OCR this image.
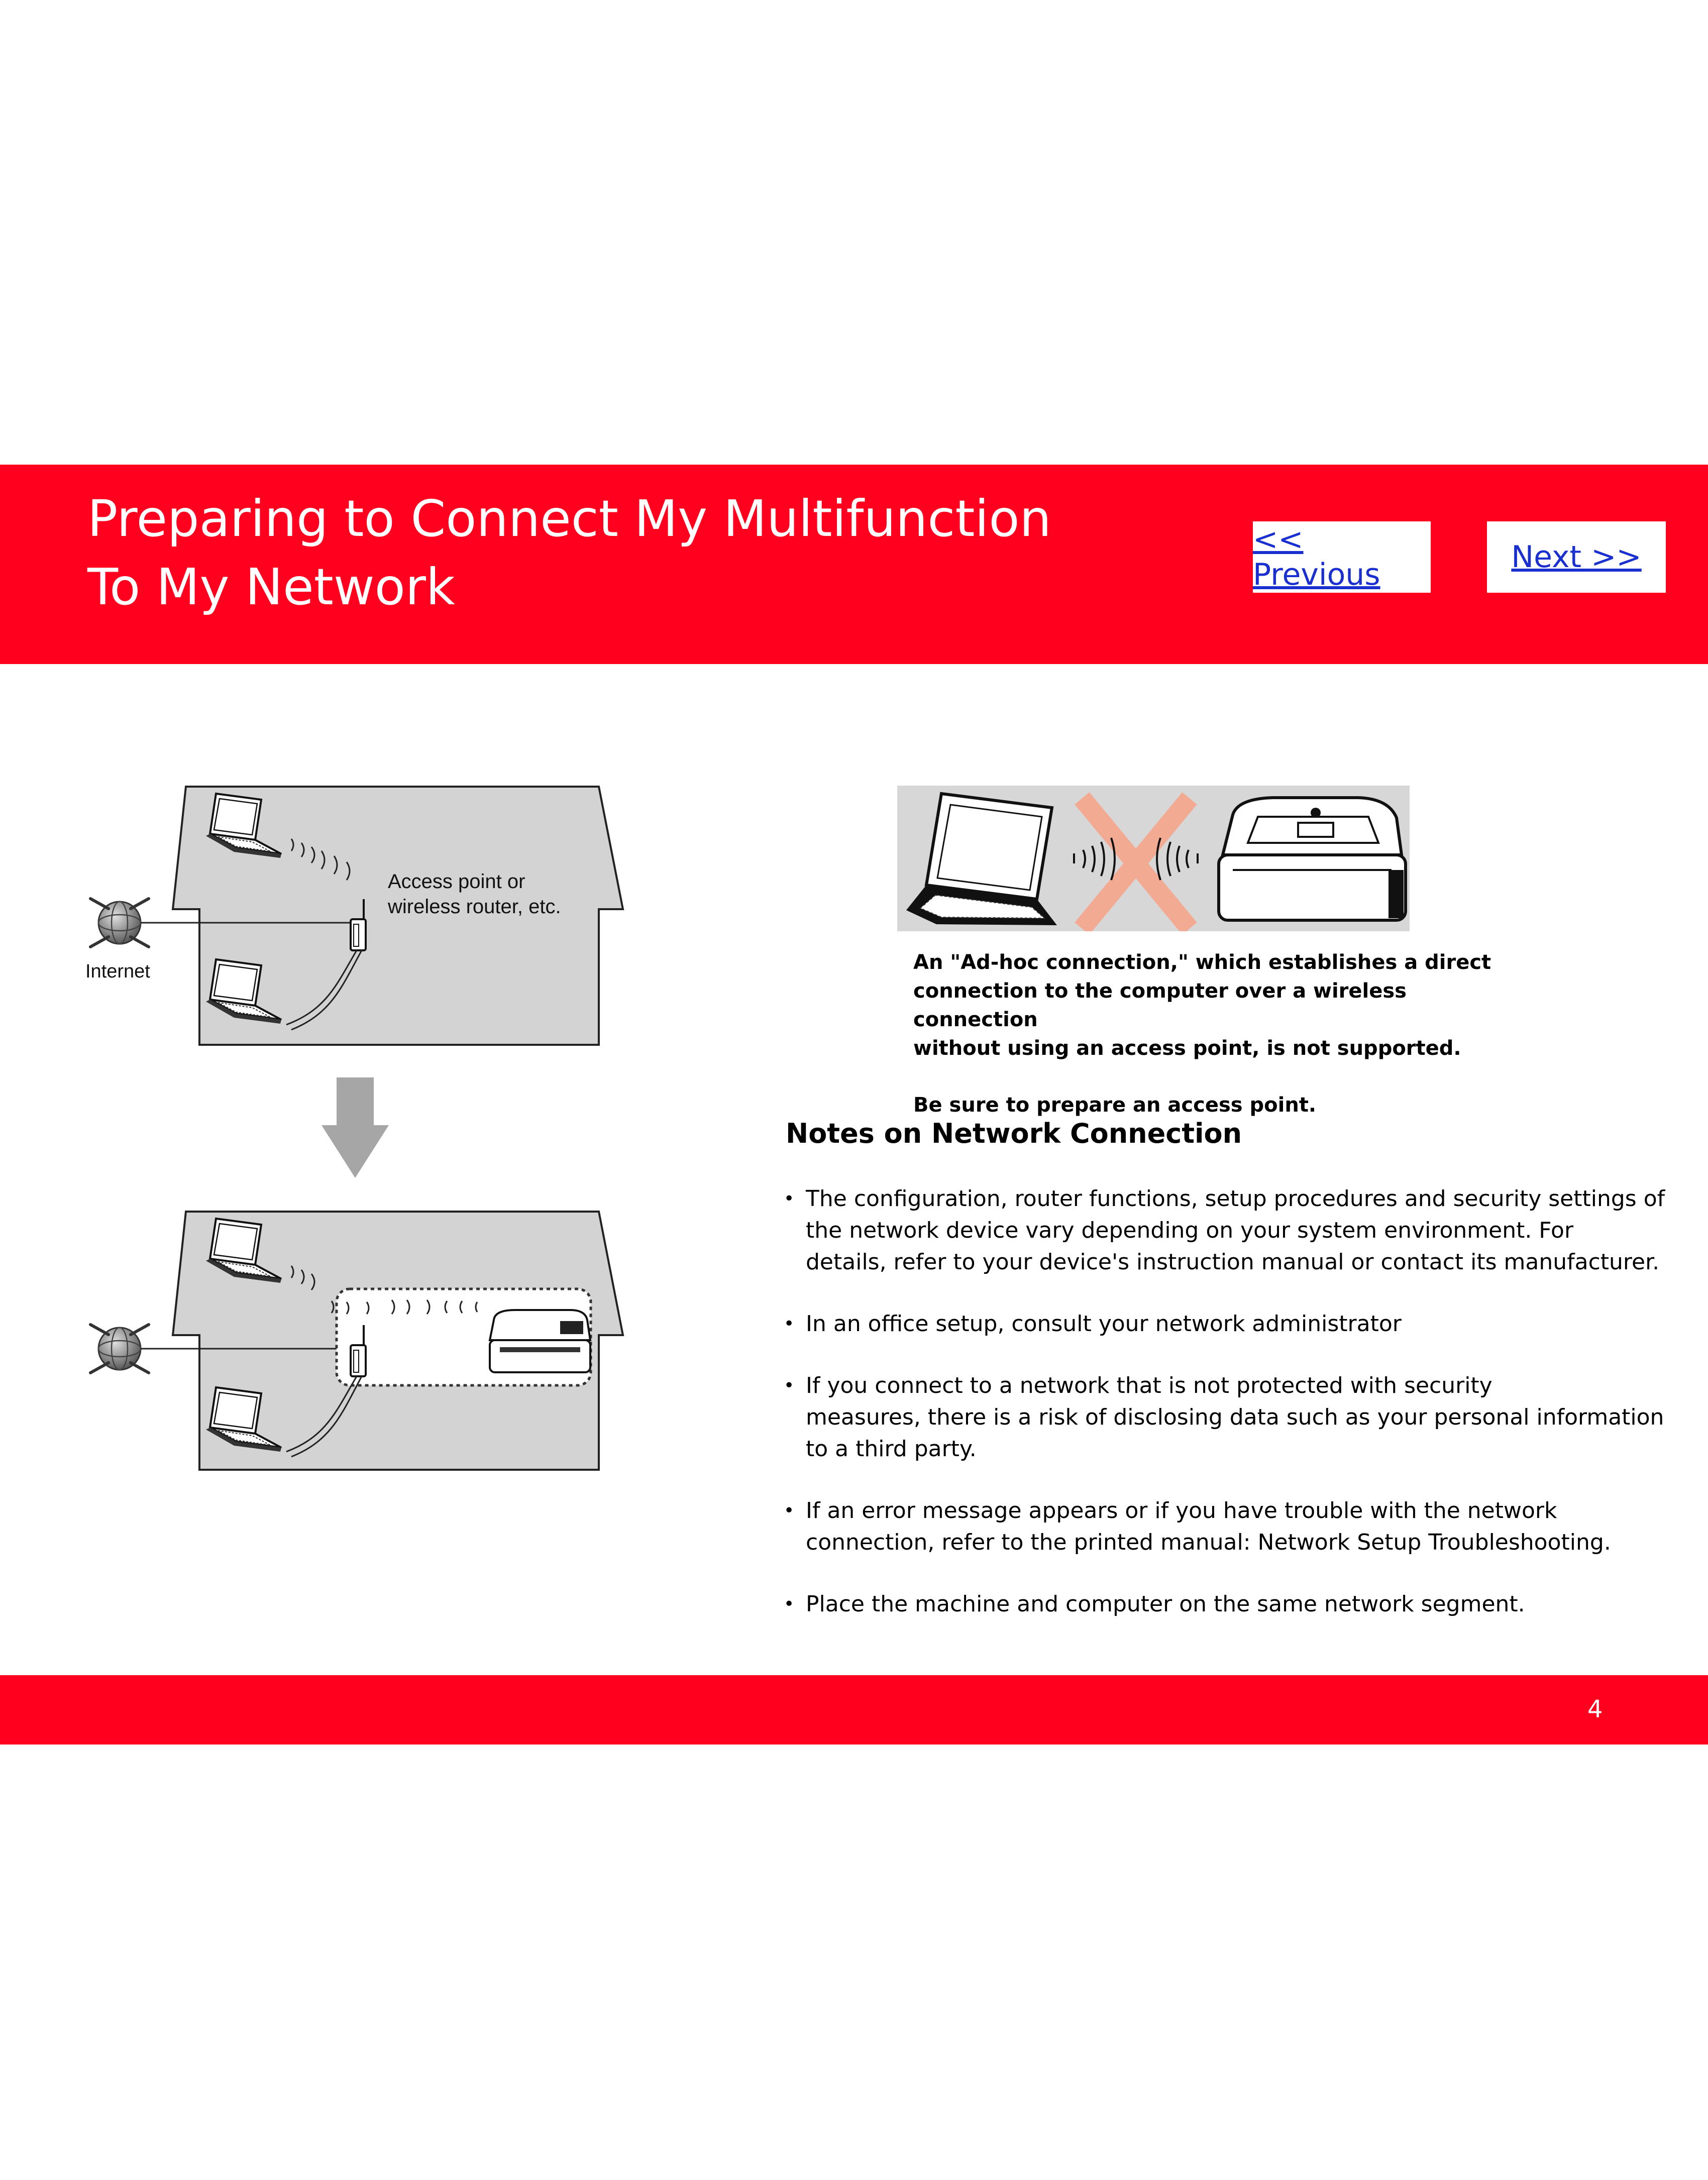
Preparing to Connect My Multifunction
To My Network
<< Previous	Next >>
Access point or wireless router, etc.
Internet	An "Ad-hoc connection," which establishes a direct
connection to the computer over a wireless connection
without using an access point, is not supported.

Be sure to prepare an access point.

Notes on Network Connection
• The configuration, router functions, setup procedures and security settings of
the network device vary depending on your system environment. For
details, refer to your device's instruction manual or contact its manufacturer.
• In an office setup, consult your network administrator
• If you connect to a network that is not protected with security
measures, there is a risk of disclosing data such as your personal information
to a third party.
• If an error message appears or if you have trouble with the network
connection, refer to the printed manual: Network Setup Troubleshooting.
• Place the machine and computer on the same network segment.
4
